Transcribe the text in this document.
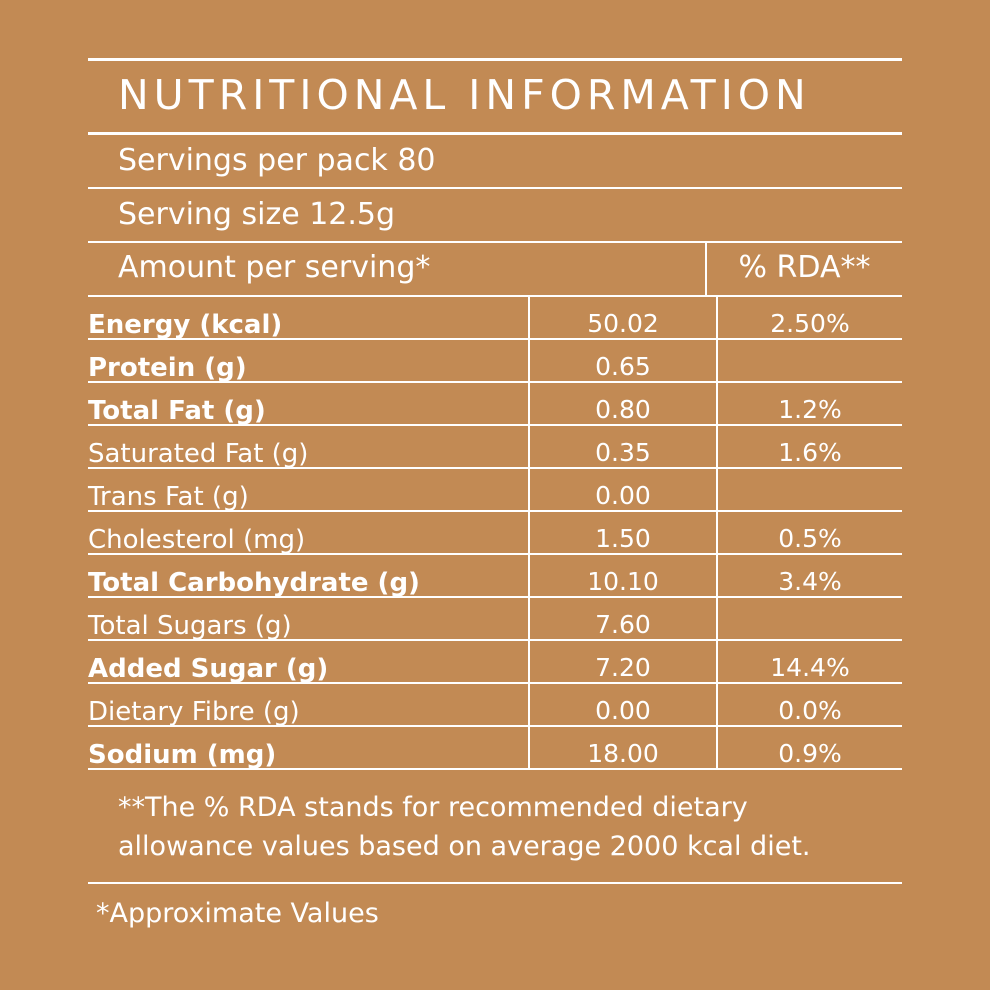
NUTRITIONAL INFORMATION
Servings per pack 80
Serving size 12.5g
Amount per serving*	% RDA**
Energy (kcal)	50.02	2.50%
Protein (g)	0.65	
Total Fat (g)	0.80	1.2%
Saturated Fat (g)	0.35	1.6%
Trans Fat (g)	0.00	
Cholesterol (mg)	1.50	0.5%
Total Carbohydrate (g)	10.10	3.4%
Total Sugars (g)	7.60	
Added Sugar (g)	7.20	14.4%
Dietary Fibre (g)	0.00	0.0%
Sodium (mg)	18.00	0.9%
**The % RDA stands for recommended dietary
allowance values based on average 2000 kcal diet.
*Approximate Values
